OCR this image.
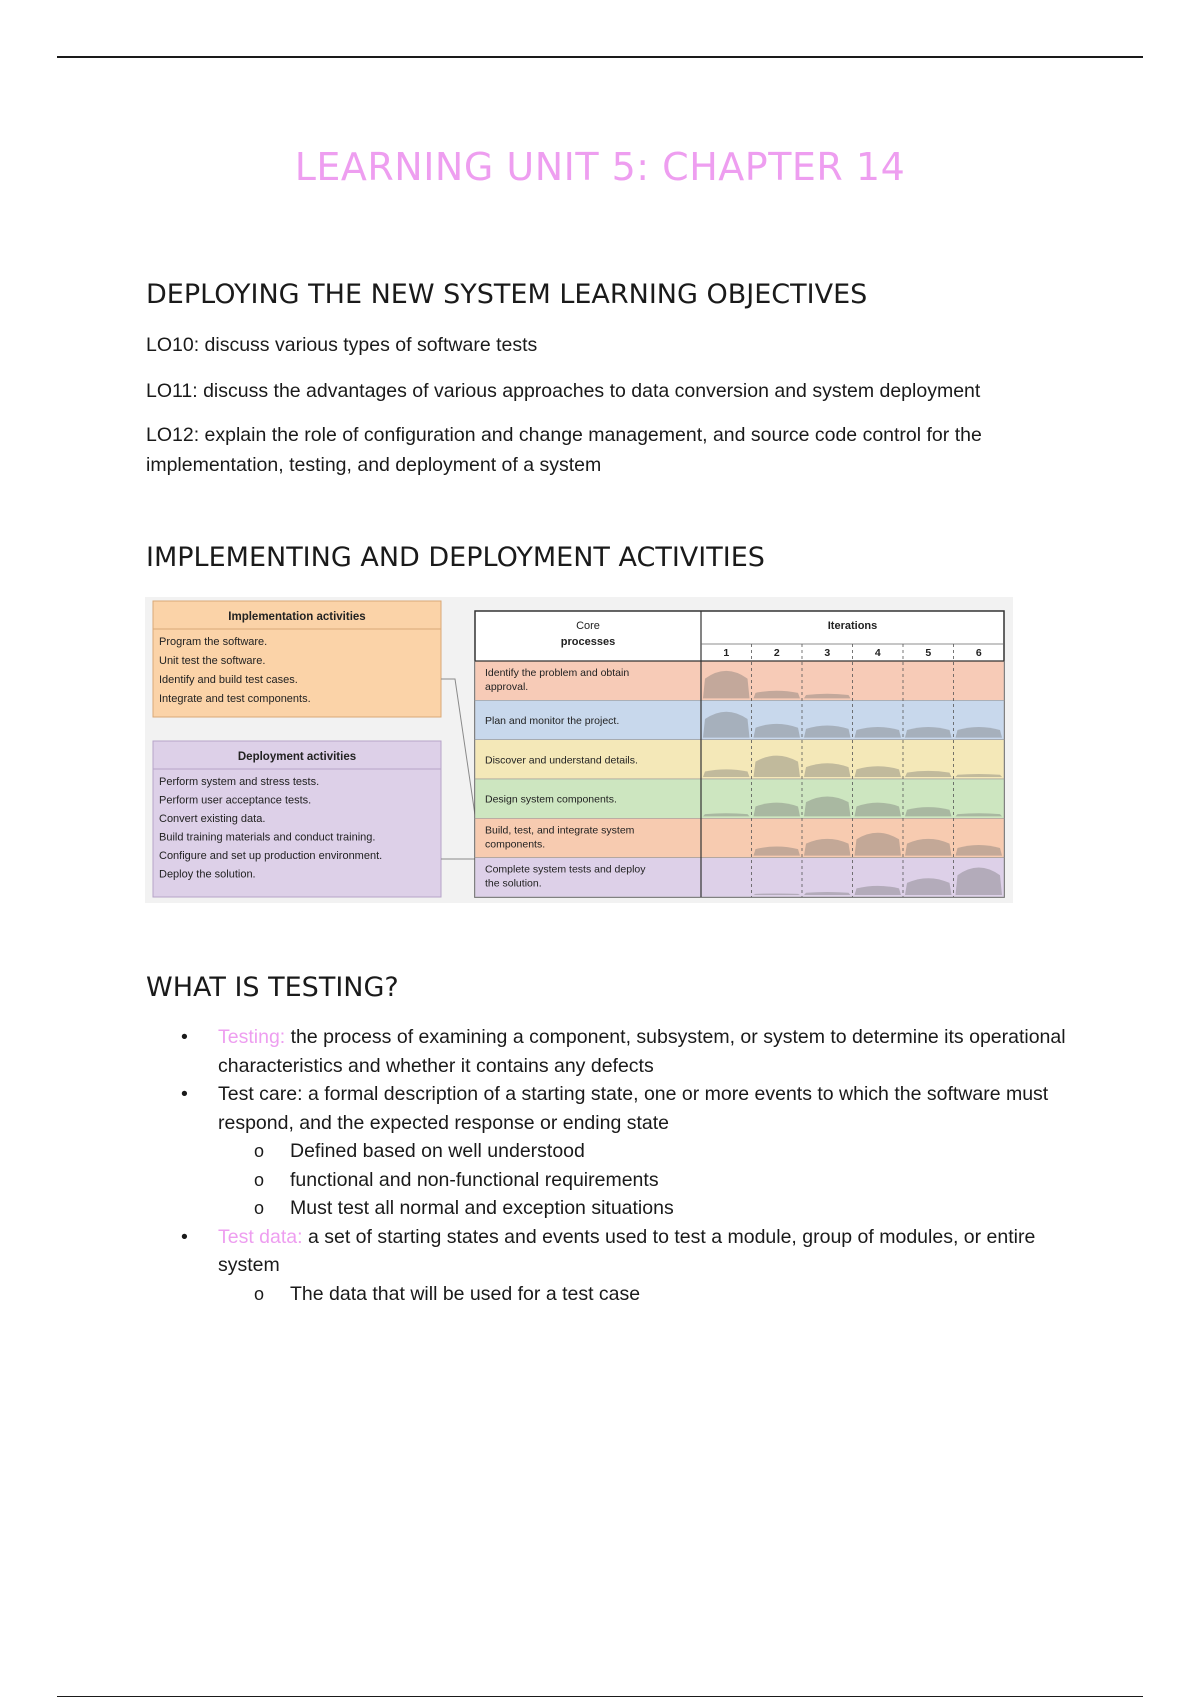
LEARNING UNIT 5: CHAPTER 14
DEPLOYING THE NEW SYSTEM LEARNING OBJECTIVES
LO10: discuss various types of software tests
LO11: discuss the advantages of various approaches to data conversion and system deployment
LO12: explain the role of configuration and change management, and source code control for the implementation, testing, and deployment of a system
IMPLEMENTING AND DEPLOYMENT ACTIVITIES
Implementation activities
Program the software.
Unit test the software.
Identify and build test cases.
Integrate and test components.
Deployment activities
Perform system and stress tests.
Perform user acceptance tests.
Convert existing data.
Build training materials and conduct training.
Configure and set up production environment.
Deploy the solution.
Identify the problem and obtain
approval.
Plan and monitor the project.
Discover and understand details.
Design system components.
Build, test, and integrate system
components.
Complete system tests and deploy
the solution.
Core
processes
Iterations
1	2	3	4	5	6
WHAT IS TESTING?
• Testing: the process of examining a component, subsystem, or system to determine its operational characteristics and whether it contains any defects
• Test care: a formal description of a starting state, one or more events to which the software must respond, and the expected response or ending state
o Defined based on well understood
o functional and non-functional requirements
o Must test all normal and exception situations
• Test data: a set of starting states and events used to test a module, group of modules, or entire system
o The data that will be used for a test case
